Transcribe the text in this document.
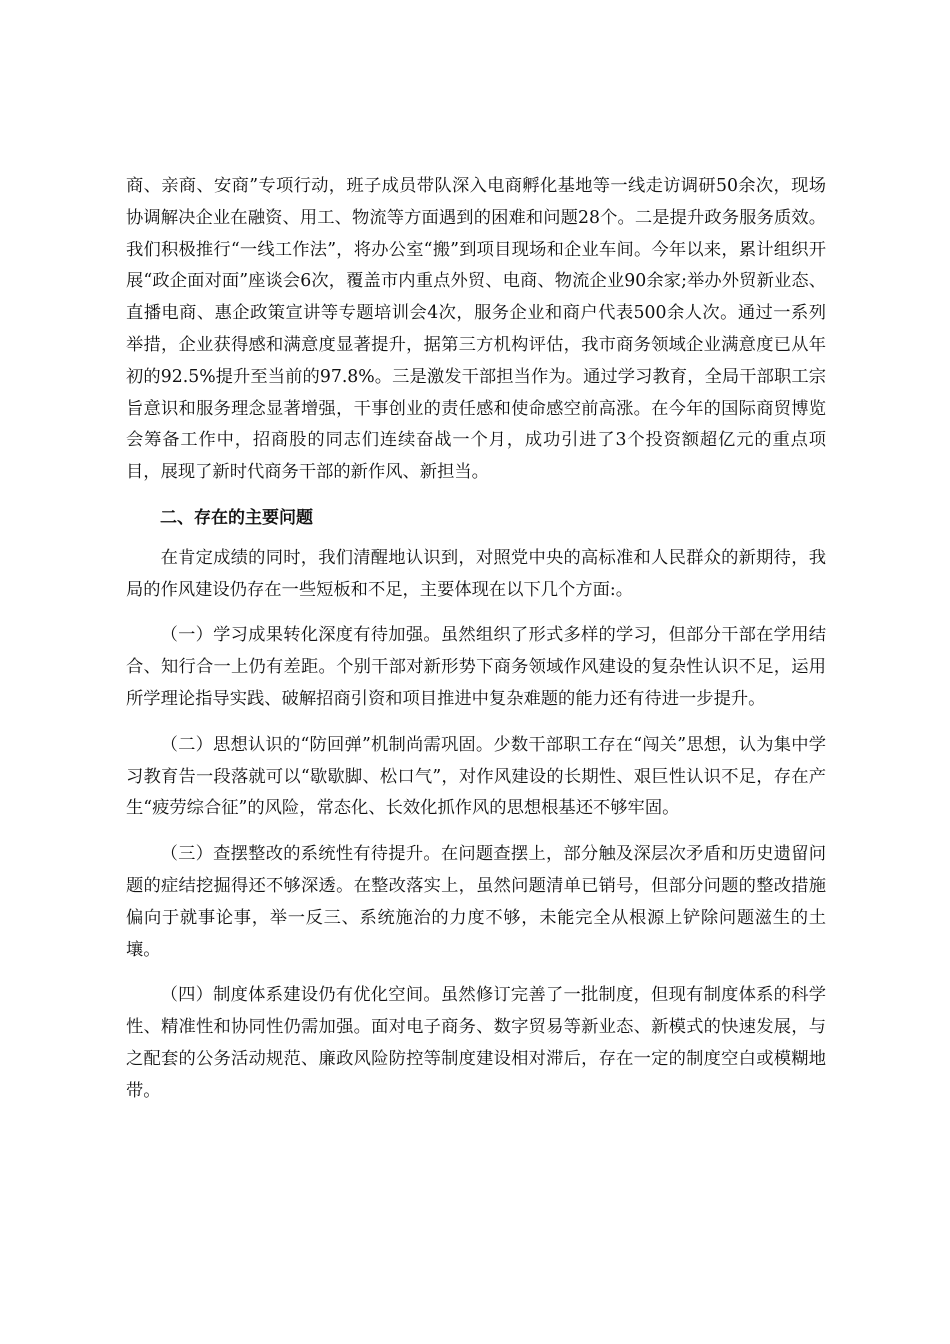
商、亲商、安商”专项行动，班子成员带队深入电商孵化基地等一线走访调研50余次，现场协调解决企业在融资、用工、物流等方面遇到的困难和问题28个。二是提升政务服务质效。我们积极推行“一线工作法”，将办公室“搬”到项目现场和企业车间。今年以来，累计组织开展“政企面对面”座谈会6次，覆盖市内重点外贸、电商、物流企业90余家;举办外贸新业态、直播电商、惠企政策宣讲等专题培训会4次，服务企业和商户代表500余人次。通过一系列举措，企业获得感和满意度显著提升，据第三方机构评估，我市商务领域企业满意度已从年初的92.5%提升至当前的97.8%。三是激发干部担当作为。通过学习教育，全局干部职工宗旨意识和服务理念显著增强，干事创业的责任感和使命感空前高涨。在今年的国际商贸博览会筹备工作中，招商股的同志们连续奋战一个月，成功引进了3个投资额超亿元的重点项目，展现了新时代商务干部的新作风、新担当。

二、存在的主要问题

在肯定成绩的同时，我们清醒地认识到，对照党中央的高标准和人民群众的新期待，我局的作风建设仍存在一些短板和不足，主要体现在以下几个方面:。

（一）学习成果转化深度有待加强。虽然组织了形式多样的学习，但部分干部在学用结合、知行合一上仍有差距。个别干部对新形势下商务领域作风建设的复杂性认识不足，运用所学理论指导实践、破解招商引资和项目推进中复杂难题的能力还有待进一步提升。

（二）思想认识的“防回弹”机制尚需巩固。少数干部职工存在“闯关”思想，认为集中学习教育告一段落就可以“歇歇脚、松口气”，对作风建设的长期性、艰巨性认识不足，存在产生“疲劳综合征”的风险，常态化、长效化抓作风的思想根基还不够牢固。

（三）查摆整改的系统性有待提升。在问题查摆上，部分触及深层次矛盾和历史遗留问题的症结挖掘得还不够深透。在整改落实上，虽然问题清单已销号，但部分问题的整改措施偏向于就事论事，举一反三、系统施治的力度不够，未能完全从根源上铲除问题滋生的土壤。

（四）制度体系建设仍有优化空间。虽然修订完善了一批制度，但现有制度体系的科学性、精准性和协同性仍需加强。面对电子商务、数字贸易等新业态、新模式的快速发展，与之配套的公务活动规范、廉政风险防控等制度建设相对滞后，存在一定的制度空白或模糊地带。
